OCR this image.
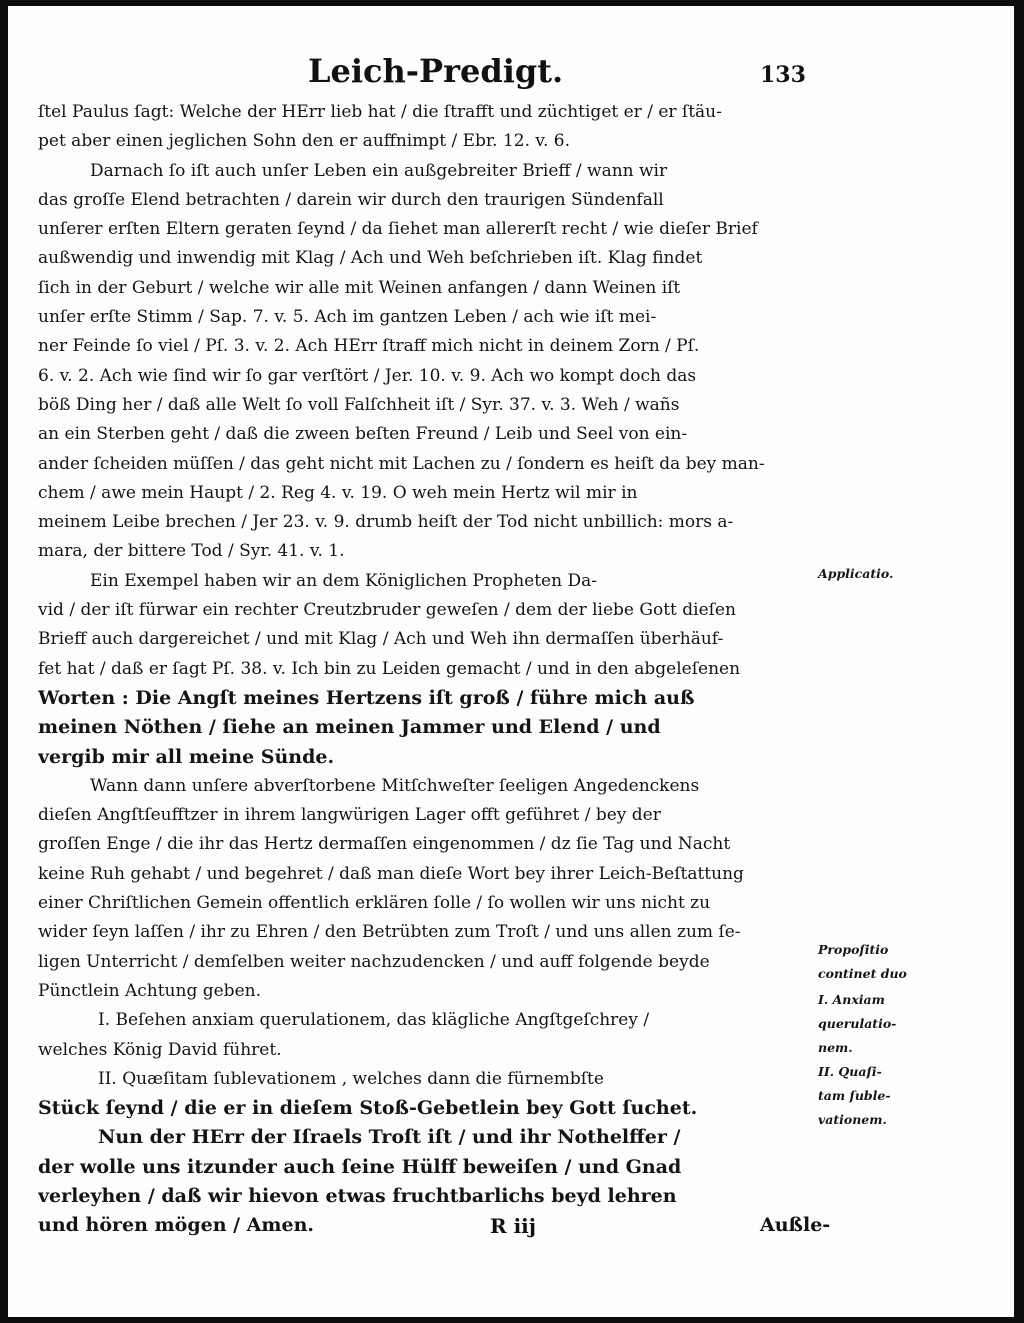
Leich-Predigt.	133
ſtel Paulus ſagt: Welche der HErr lieb hat / die ſtrafft und züchtiget er / er ſtäu-
pet aber einen jeglichen Sohn den er auffnimpt / Ebr. 12. v. 6.
Darnach ſo iſt auch unſer Leben ein außgebreiter Brieff / wann wir
das groſſe Elend betrachten / darein wir durch den traurigen Sündenfall
unſerer erſten Eltern geraten ſeynd / da ſiehet man allererſt recht / wie dieſer Brief
außwendig und inwendig mit Klag / Ach und Weh beſchrieben iſt. Klag findet
ſich in der Geburt / welche wir alle mit Weinen anfangen / dann Weinen iſt
unſer erſte Stimm / Sap. 7. v. 5. Ach im gantzen Leben / ach wie iſt mei-
ner Feinde ſo viel / Pſ. 3. v. 2. Ach HErr ſtraff mich nicht in deinem Zorn / Pſ.
6. v. 2. Ach wie ſind wir ſo gar verſtört / Jer. 10. v. 9. Ach wo kompt doch das
böß Ding her / daß alle Welt ſo voll Falſchheit iſt / Syr. 37. v. 3. Weh / wañs
an ein Sterben geht / daß die zween beſten Freund / Leib und Seel von ein-
ander ſcheiden müſſen / das geht nicht mit Lachen zu / ſondern es heiſt da bey man-
chem / awe mein Haupt / 2. Reg 4. v. 19. O weh mein Hertz wil mir in
meinem Leibe brechen / Jer 23. v. 9. drumb heiſt der Tod nicht unbillich: mors a-
mara, der bittere Tod / Syr. 41. v. 1.
Ein Exempel haben wir an dem Königlichen Propheten Da-
vid / der iſt fürwar ein rechter Creutzbruder geweſen / dem der liebe Gott dieſen
Brieff auch dargereichet / und mit Klag / Ach und Weh ihn dermaſſen überhäuf-
fet hat / daß er ſagt Pſ. 38. v. Ich bin zu Leiden gemacht / und in den abgeleſenen
Worten : Die Angſt meines Hertzens iſt groß / führe mich auß
meinen Nöthen / ſiehe an meinen Jammer und Elend / und
vergib mir all meine Sünde.
Wann dann unſere abverſtorbene Mitſchweſter ſeeligen Angedenckens
dieſen Angſtſeufftzer in ihrem langwürigen Lager offt geführet / bey der
groſſen Enge / die ihr das Hertz dermaſſen eingenommen / dz ſie Tag und Nacht
keine Ruh gehabt / und begehret / daß man dieſe Wort bey ihrer Leich-Beſtattung
einer Chriſtlichen Gemein offentlich erklären ſolle / ſo wollen wir uns nicht zu
wider ſeyn laſſen / ihr zu Ehren / den Betrübten zum Troſt / und uns allen zum ſe-
ligen Unterricht / demſelben weiter nachzudencken / und auff folgende beyde
Pünctlein Achtung geben.
I. Beſehen anxiam querulationem, das klägliche Angſtgeſchrey /
welches König David führet.
II. Quæſitam ſublevationem , welches dann die fürnembſte
Stück ſeynd / die er in dieſem Stoß-Gebetlein bey Gott ſuchet.
Nun der HErr der Iſraels Troſt iſt / und ihr Nothelffer /
der wolle uns itzunder auch ſeine Hülff beweiſen / und Gnad
verleyhen / daß wir hievon etwas fruchtbarlichs beyd lehren
und hören mögen / Amen.
Applicatio.
Propoſitio
continet duo
I. Anxiam
querulatio-
nem.
II. Quaſi-
tam ſuble-
vationem.
R iij	Außle-
